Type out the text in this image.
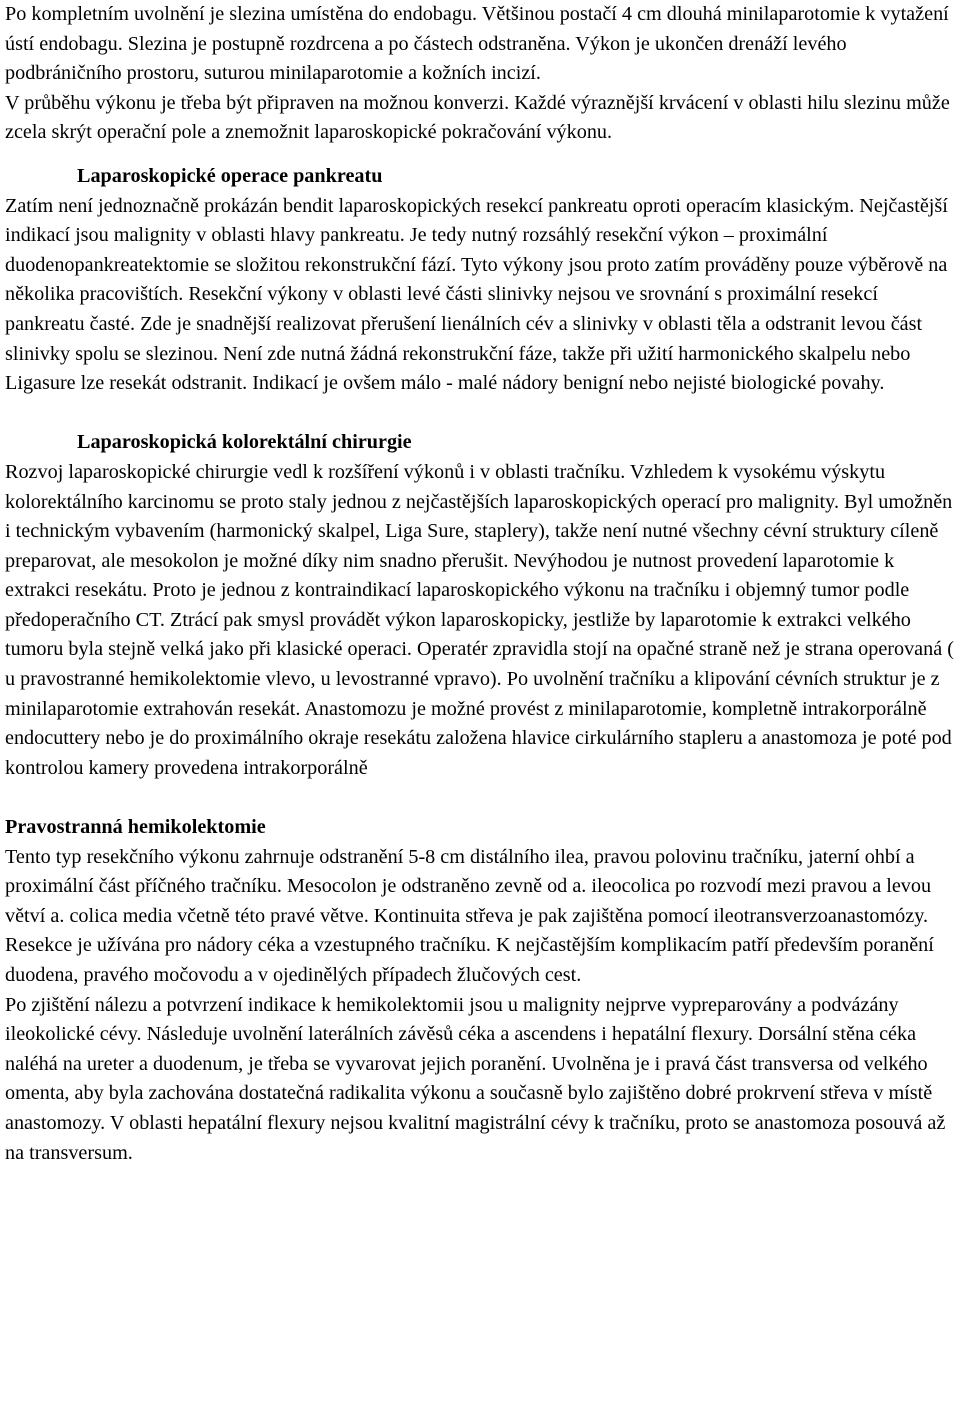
Po kompletním uvolnění je slezina umístěna do endobagu. Většinou postačí 4 cm dlouhá minilaparotomie k vytažení ústí endobagu. Slezina je postupně rozdrcena a po částech odstraněna. Výkon je ukončen drenáží levého podbráničního prostoru, suturou minilaparotomie a kožních incizí.

V průběhu výkonu je třeba být připraven na možnou konverzi. Každé výraznější krvácení v oblasti hilu slezinu může zcela skrýt operační pole a znemožnit laparoskopické pokračování výkonu.

Laparoskopické operace pankreatu

Zatím není jednoznačně prokázán bendit laparoskopických resekcí pankreatu oproti operacím klasickým. Nejčastější indikací jsou malignity v oblasti hlavy pankreatu. Je tedy nutný rozsáhlý resekční výkon – proximální duodenopankreatektomie se složitou rekonstrukční fází. Tyto výkony jsou proto zatím prováděny pouze výběrově na několika pracovištích. Resekční výkony v oblasti levé části slinivky nejsou ve srovnání s proximální resekcí pankreatu časté. Zde je snadnější realizovat přerušení lienálních cév a slinivky v oblasti těla a odstranit levou část slinivky spolu se slezinou. Není zde nutná žádná rekonstrukční fáze, takže při užití harmonického skalpelu nebo Ligasure lze resekát odstranit. Indikací je ovšem málo - malé nádory benigní nebo nejisté biologické povahy.

Laparoskopická kolorektální chirurgie

Rozvoj laparoskopické chirurgie vedl k rozšíření výkonů i v oblasti tračníku. Vzhledem k vysokému výskytu kolorektálního karcinomu se proto staly jednou z nejčastějších laparoskopických operací pro malignity. Byl umožněn i technickým vybavením (harmonický skalpel, Liga Sure, staplery), takže není nutné všechny cévní struktury cíleně preparovat, ale mesokolon je možné díky nim snadno přerušit. Nevýhodou je nutnost provedení laparotomie k extrakci resekátu. Proto je jednou z kontraindikací laparoskopického výkonu na tračníku i objemný tumor podle předoperačního CT. Ztrácí pak smysl provádět výkon laparoskopicky, jestliže by laparotomie k extrakci velkého tumoru byla stejně velká jako při klasické operaci. Operatér zpravidla stojí na opačné straně než je strana operovaná ( u pravostranné hemikolektomie vlevo, u levostranné vpravo). Po uvolnění tračníku a klipování cévních struktur je z minilaparotomie extrahován resekát. Anastomozu je možné provést z minilaparotomie, kompletně intrakorporálně endocuttery nebo je do proximálního okraje resekátu založena hlavice cirkulárního stapleru a anastomoza je poté pod kontrolou kamery provedena intrakorporálně

Pravostranná hemikolektomie

Tento typ resekčního výkonu zahrnuje odstranění 5-8 cm distálního ilea, pravou polovinu tračníku, jaterní ohbí a proximální část příčného tračníku. Mesocolon je odstraněno zevně od a. ileocolica po rozvodí mezi pravou a levou větví a. colica media včetně této pravé větve. Kontinuita střeva je pak zajištěna pomocí ileotransverzoanastomózy. Resekce je užívána pro nádory céka a vzestupného tračníku. K nejčastějším komplikacím patří především poranění duodena, pravého močovodu a v ojedinělých případech žlučových cest.

Po zjištění nálezu a potvrzení indikace k hemikolektomii jsou u malignity nejprve vypreparovány a podvázány ileokolické cévy. Následuje uvolnění laterálních závěsů céka a ascendens i hepatální flexury. Dorsální stěna céka naléhá na ureter a duodenum, je třeba se vyvarovat jejich poranění. Uvolněna je i pravá část transversa od velkého omenta, aby byla zachována dostatečná radikalita výkonu a současně bylo zajištěno dobré prokrvení střeva v místě anastomozy. V oblasti hepatální flexury nejsou kvalitní magistrální cévy k tračníku, proto se anastomoza posouvá až na transversum.
